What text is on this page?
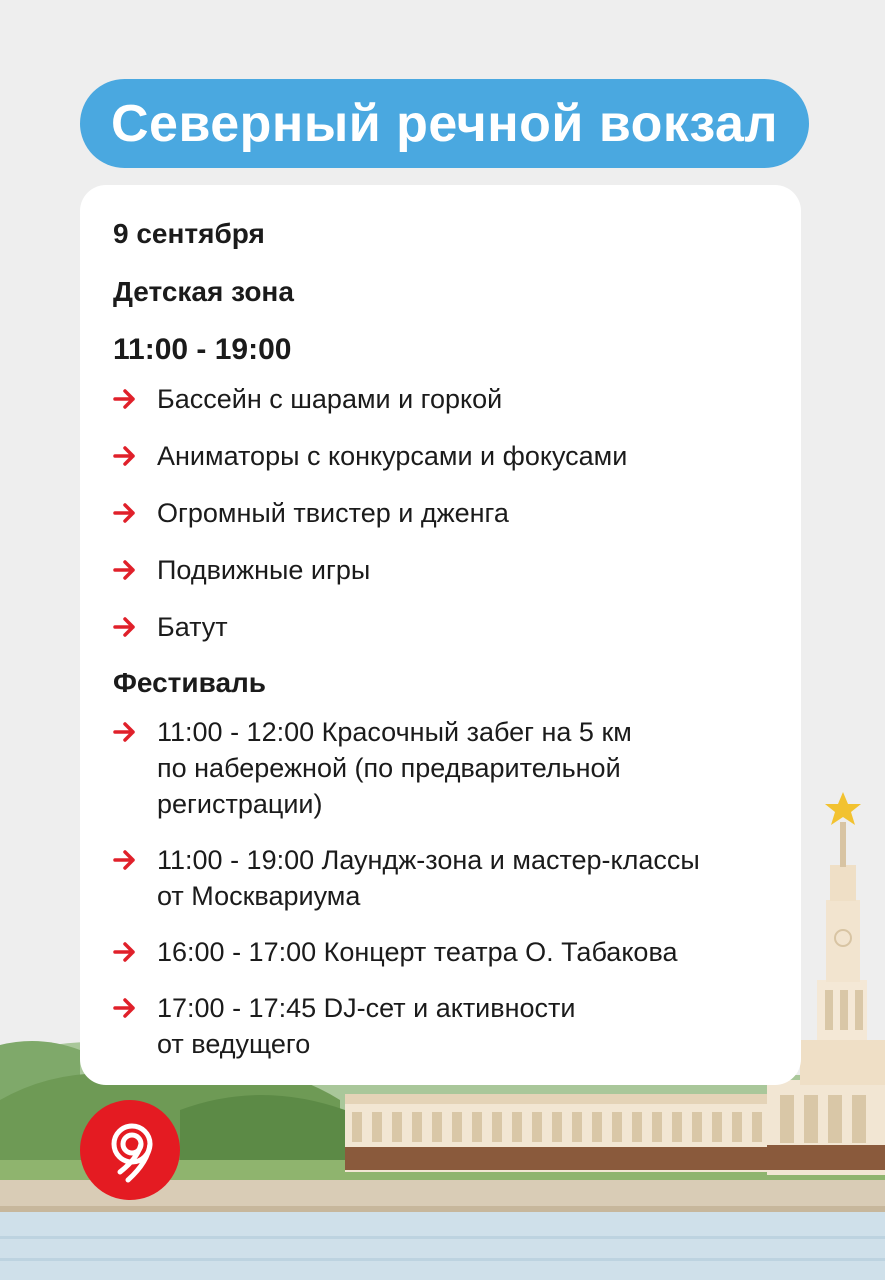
Северный речной вокзал

9 сентября

Детская зона

11:00 - 19:00

Бассейн с шарами и горкой
Аниматоры с конкурсами и фокусами
Огромный твистер и дженга
Подвижные игры
Батут

Фестиваль

11:00 - 12:00 Красочный забег на 5 км
по набережной (по предварительной
регистрации)
11:00 - 19:00 Лаундж-зона и мастер-классы
от Москвариума
16:00 - 17:00 Концерт театра О. Табакова
17:00 - 17:45 DJ-сет и активности
от ведущего
